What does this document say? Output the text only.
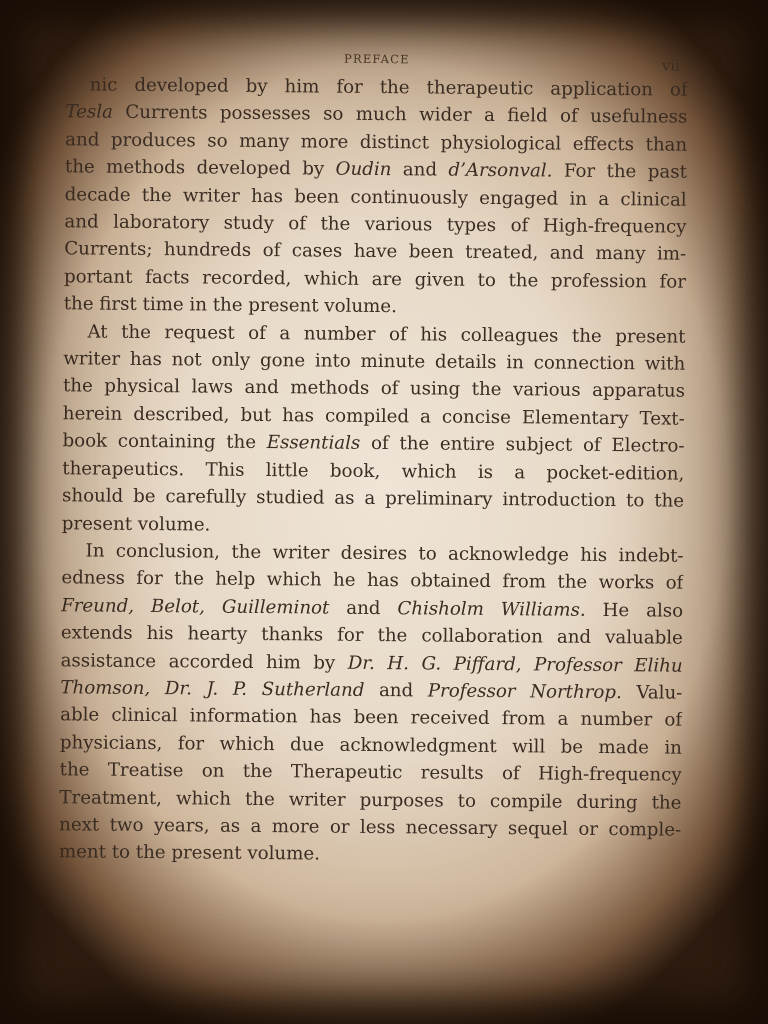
PREFACE	vii

nic developed by him for the therapeutic application of
Tesla Currents possesses so much wider a field of usefulness
and produces so many more distinct physiological effects than
the methods developed by Oudin and d’Arsonval. For the past
decade the writer has been continuously engaged in a clinical
and laboratory study of the various types of High-frequency
Currents; hundreds of cases have been treated, and many im-
portant facts recorded, which are given to the profession for
the first time in the present volume.

At the request of a number of his colleagues the present
writer has not only gone into minute details in connection with
the physical laws and methods of using the various apparatus
herein described, but has compiled a concise Elementary Text-
book containing the Essentials of the entire subject of Electro-
therapeutics. This little book, which is a pocket-edition,
should be carefully studied as a preliminary introduction to the
present volume.

In conclusion, the writer desires to acknowledge his indebt-
edness for the help which he has obtained from the works of
Freund, Belot, Guilleminot and Chisholm Williams. He also
extends his hearty thanks for the collaboration and valuable
assistance accorded him by Dr. H. G. Piffard, Professor Elihu
Thomson, Dr. J. P. Sutherland and Professor Northrop. Valu-
able clinical information has been received from a number of
physicians, for which due acknowledgment will be made in
the Treatise on the Therapeutic results of High-frequency
Treatment, which the writer purposes to compile during the
next two years, as a more or less necessary sequel or comple-
ment to the present volume.
